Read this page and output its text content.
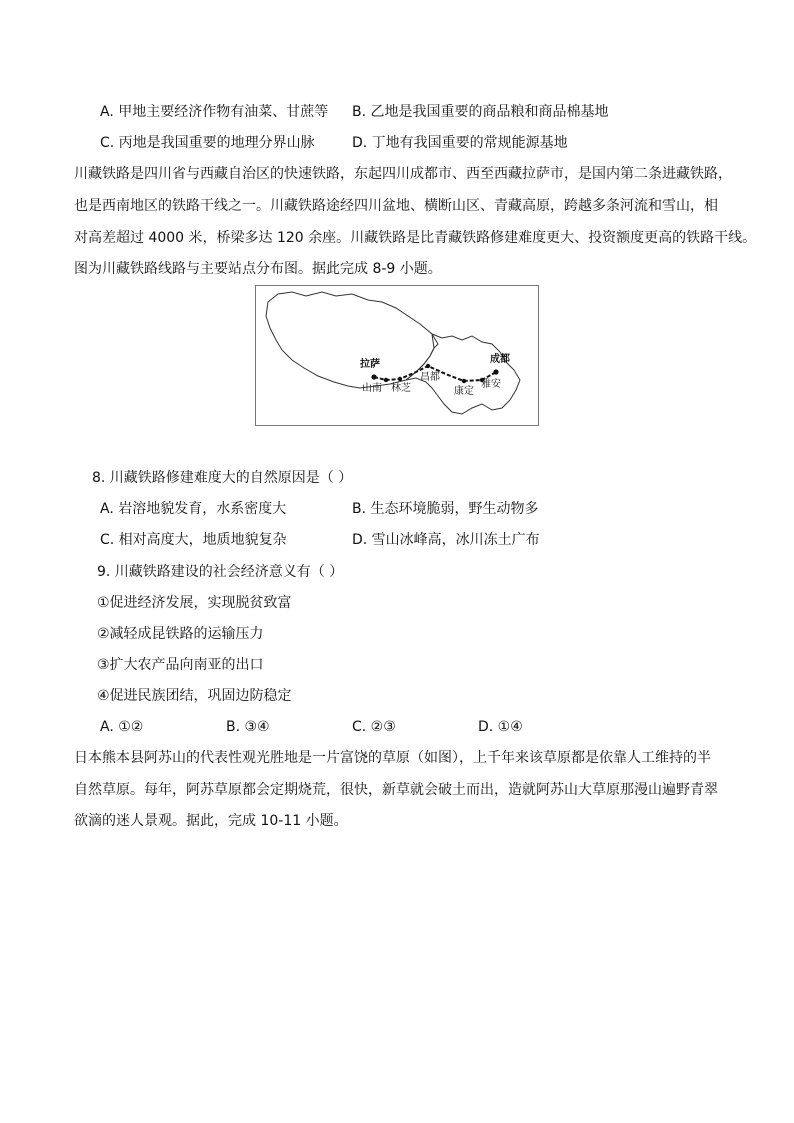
A. 甲地主要经济作物有油菜、甘蔗等 B. 乙地是我国重要的商品粮和商品棉基地
C. 丙地是我国重要的地理分界山脉	D. 丁地有我国重要的常规能源基地
川藏铁路是四川省与西藏自治区的快速铁路，东起四川成都市、西至西藏拉萨市，是国内第二条进藏铁路，
也是西南地区的铁路干线之一。川藏铁路途经四川盆地、横断山区、青藏高原，跨越多条河流和雪山，相
对高差超过 4000 米，桥梁多达 120 余座。川藏铁路是比青藏铁路修建难度更大、投资额度更高的铁路干线。
图为川藏铁路线路与主要站点分布图。据此完成 8-9 小题。
拉萨
山南 林芝
昌都
康定
雅安
成都
8. 川藏铁路修建难度大的自然原因是（ ）
A. 岩溶地貌发育，水系密度大	B. 生态环境脆弱，野生动物多
C. 相对高度大，地质地貌复杂	D. 雪山冰峰高，冰川冻土广布
9. 川藏铁路建设的社会经济意义有（ ）
①促进经济发展，实现脱贫致富
②减轻成昆铁路的运输压力
③扩大农产品向南亚的出口
④促进民族团结，巩固边防稳定
A. ①②	B. ③④	C. ②③	D. ①④
日本熊本县阿苏山的代表性观光胜地是一片富饶的草原（如图），上千年来该草原都是依靠人工维持的半
自然草原。每年，阿苏草原都会定期烧荒，很快，新草就会破土而出，造就阿苏山大草原那漫山遍野青翠
欲滴的迷人景观。据此，完成 10-11 小题。
